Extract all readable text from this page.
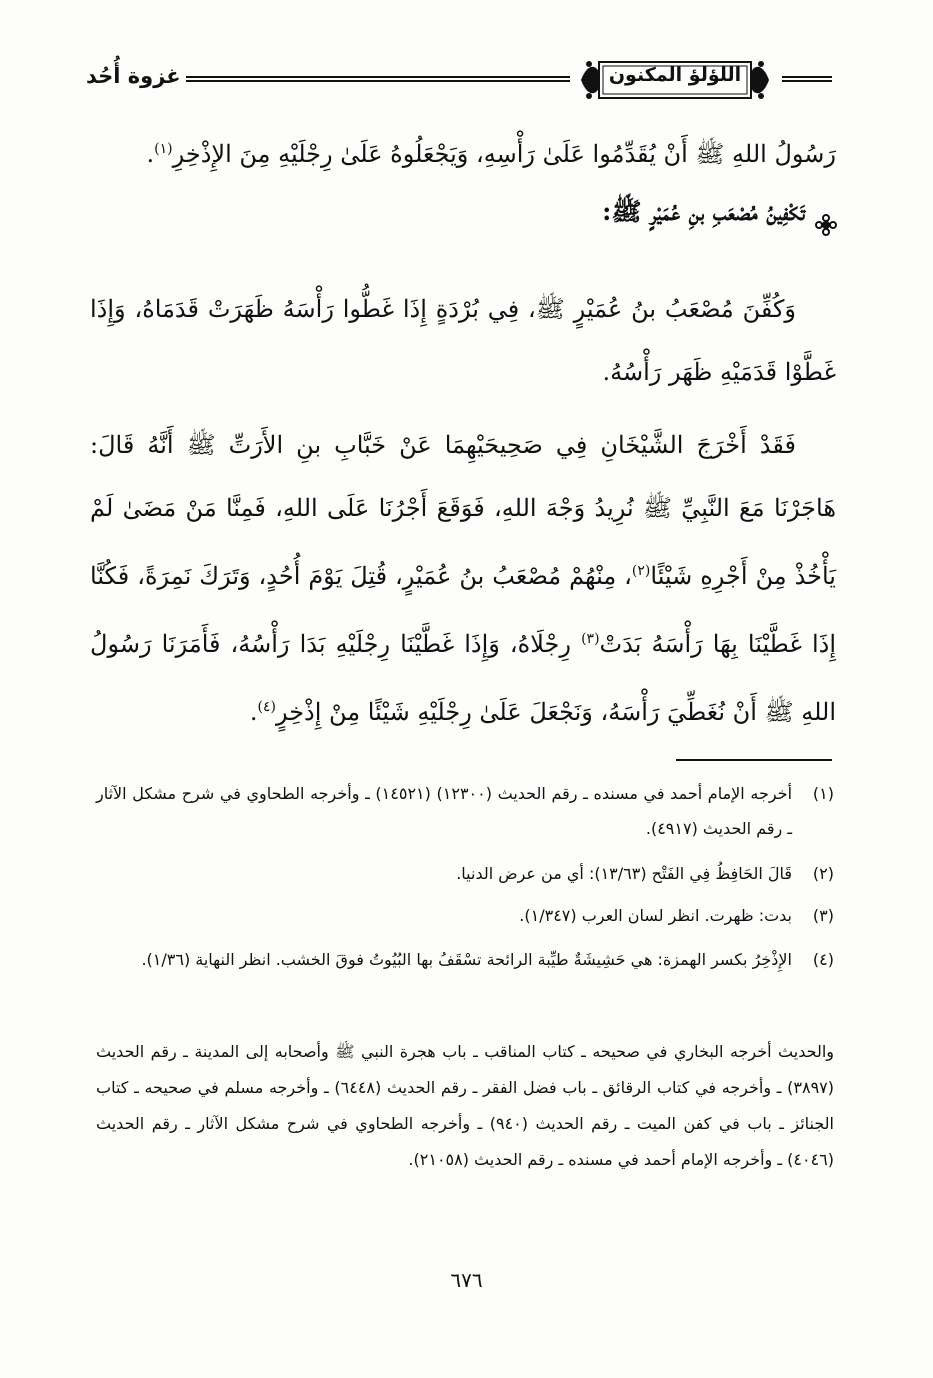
غزوة أُحُد	اللؤلؤ المكنون
رَسُولُ اللهِ ﷺ أَنْ يُقَدِّمُوا عَلَىٰ رَأْسِهِ، وَيَجْعَلُوهُ عَلَىٰ رِجْلَيْهِ مِنَ الإِذْخِرِ$^{(١)}$.
تَكْفِينُ مُصْعَبِ بنِ عُمَيْرٍ ﷺ:

وَكُفِّنَ مُصْعَبُ بنُ عُمَيْرٍ ﷺ، فِي بُرْدَةٍ إِذَا غَطُّوا رَأْسَهُ ظَهَرَتْ قَدَمَاهُ، وَإِذَا غَطَّوْا قَدَمَيْهِ ظَهَر رَأْسُهُ.

فَقَدْ أَخْرَجَ الشَّيْخَانِ فِي صَحِيحَيْهِمَا عَنْ خَبَّابِ بنِ الأَرَتِّ ﷺ أَنَّهُ قَالَ: هَاجَرْنَا مَعَ النَّبِيِّ ﷺ نُرِيدُ وَجْهَ اللهِ، فَوَقَعَ أَجْرُنَا عَلَى اللهِ، فَمِنَّا مَنْ مَضَىٰ لَمْ يَأْخُذْ مِنْ أَجْرِهِ شَيْئًا$^{(٢)}$، مِنْهُمْ مُصْعَبُ بنُ عُمَيْرٍ، قُتِلَ يَوْمَ أُحُدٍ، وَتَرَكَ نَمِرَةً، فَكُنَّا إِذَا غَطَّيْنَا بِهَا رَأْسَهُ بَدَتْ$^{(٣)}$ رِجْلَاهُ، وَإِذَا غَطَّيْنَا رِجْلَيْهِ بَدَا رَأْسُهُ، فَأَمَرَنَا رَسُولُ اللهِ ﷺ أَنْ نُغَطِّيَ رَأْسَهُ، وَنَجْعَلَ عَلَىٰ رِجْلَيْهِ شَيْئًا مِنْ إِذْخِرٍ$^{(٤)}$.

(١)
أخرجه الإمام أحمد في مسنده ـ رقم الحديث (١٢٣٠٠) (١٤٥٢١) ـ وأخرجه الطحاوي في شرح مشكل الآثار ـ رقم الحديث (٤٩١٧).
(٢)
قَالَ الحَافِظُ فِي الفَتْح (١٣/٦٣): أي من عرض الدنيا.
(٣)
بدت: ظهرت. انظر لسان العرب (١/٣٤٧).
(٤)
الإِذْخِرُ بكسر الهمزة: هي حَشِيشَةٌ طيِّبة الرائحة تسْقَفُ بها البُيُوتُ فوقَ الخشب. انظر النهاية (١/٣٦).
والحديث أخرجه البخاري في صحيحه ـ كتاب المناقب ـ باب هجرة النبي ﷺ وأصحابه إلى المدينة ـ رقم الحديث (٣٨٩٧) ـ وأخرجه في كتاب الرقائق ـ باب فضل الفقر ـ رقم الحديث (٦٤٤٨) ـ وأخرجه مسلم في صحيحه ـ كتاب الجنائز ـ باب في كفن الميت ـ رقم الحديث (٩٤٠) ـ وأخرجه الطحاوي في شرح مشكل الآثار ـ رقم الحديث (٤٠٤٦) ـ وأخرجه الإمام أحمد في مسنده ـ رقم الحديث (٢١٠٥٨).
٦٧٦
